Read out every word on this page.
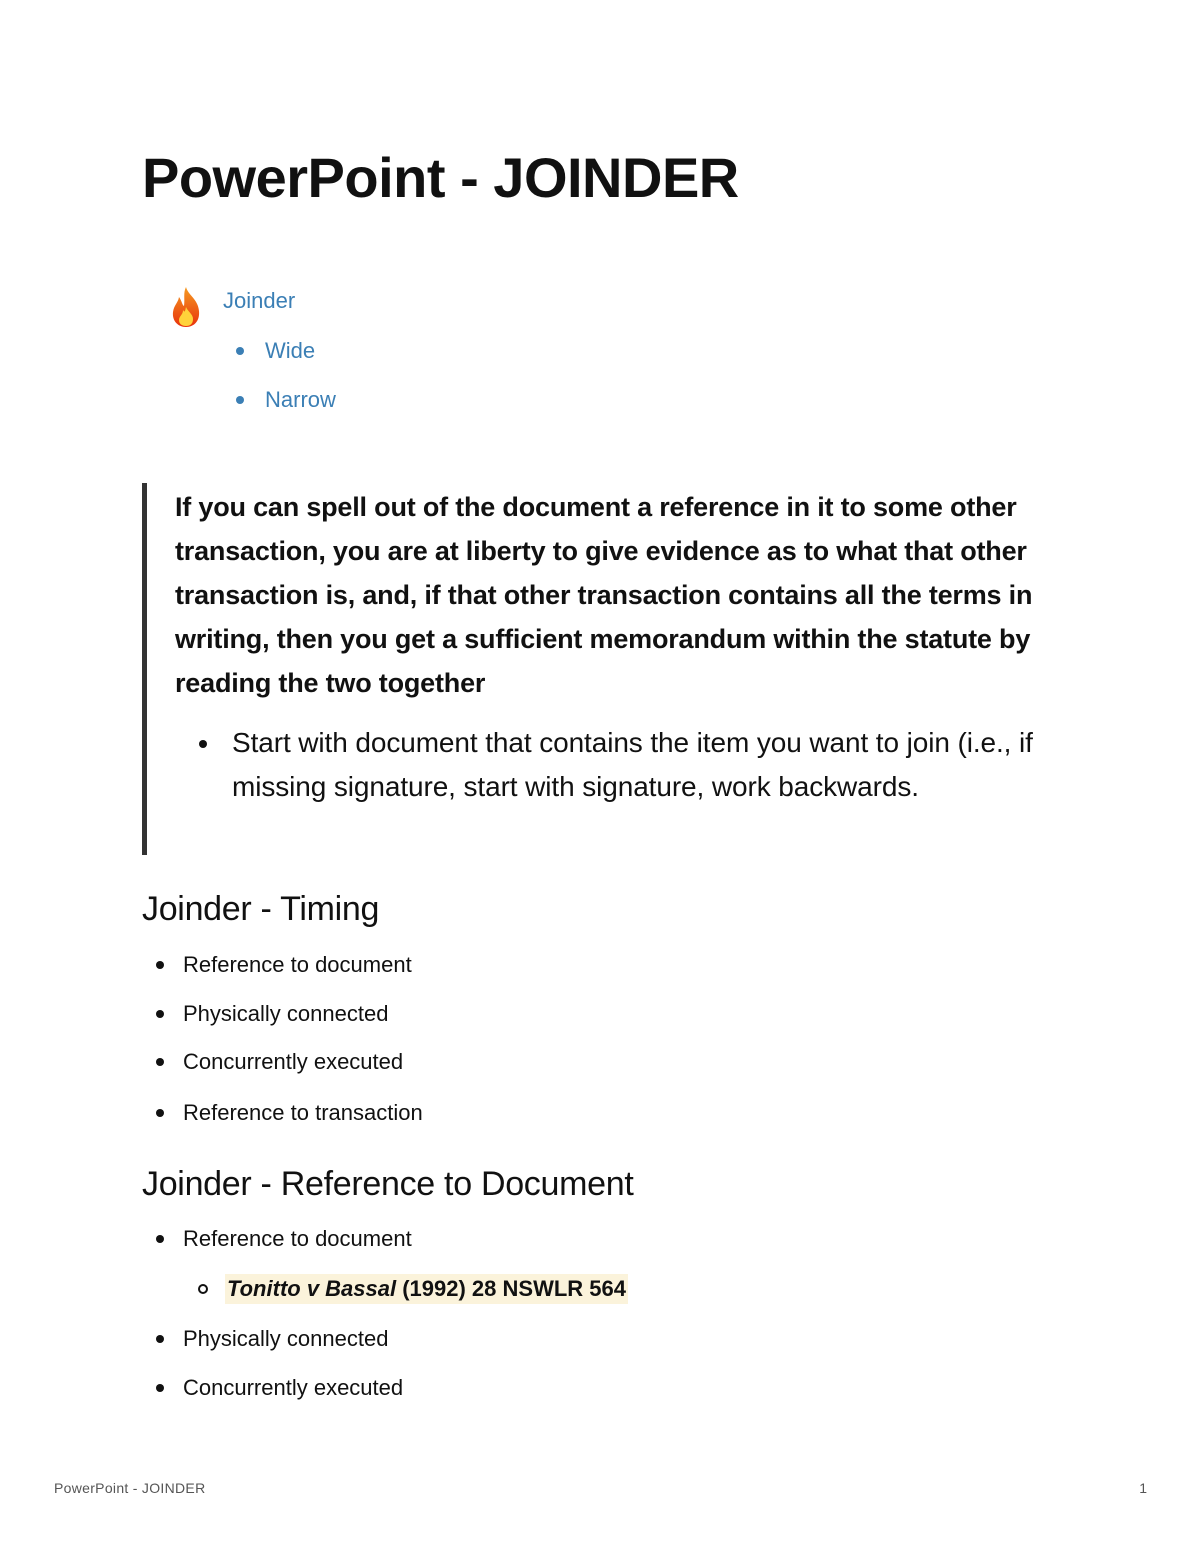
PowerPoint - JOINDER
Joinder
Wide
Narrow

If you can spell out of the document a reference in it to some other transaction, you are at liberty to give evidence as to what that other transaction is, and, if that other transaction contains all the terms in writing, then you get a sufficient memorandum within the statute by reading the two together

Start with document that contains the item you want to join (i.e., if missing signature, start with signature, work backwards.
Joinder - Timing
Reference to document
Physically connected
Concurrently executed
Reference to transaction
Joinder - Reference to Document
Reference to document
Tonitto v Bassal (1992) 28 NSWLR 564
Physically connected
Concurrently executed
PowerPoint - JOINDER	1
